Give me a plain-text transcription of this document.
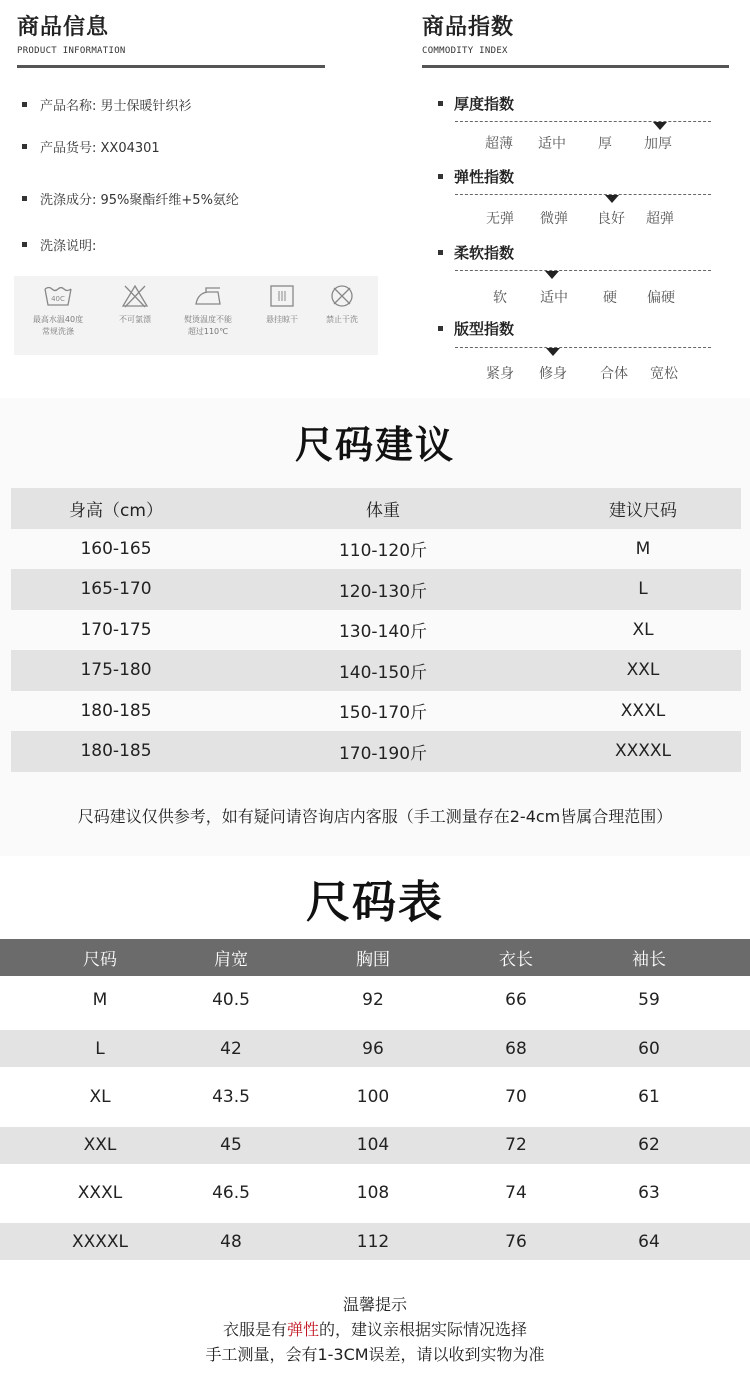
商品信息
PRODUCT INFORMATION
产品名称: 男士保暖针织衫
产品货号: XX04301
洗涤成分: 95%聚酯纤维+5%氨纶
洗涤说明:
40C
最高水温40度
常规洗涤
不可氯漂	熨烫温度不能
超过110℃
悬挂晾干	禁止干洗
商品指数
COMMODITY INDEX
厚度指数
超薄 适中 厚 加厚
弹性指数
无弹 微弹 良好 超弹
柔软指数
软 适中	硬 偏硬
版型指数
紧身 修身 合体 宽松
尺码建议
身高（cm）	体重	建议尺码
160-165	110-120斤	M
165-170	120-130斤	L
170-175	130-140斤	XL
175-180	140-150斤	XXL
180-185	150-170斤	XXXL
180-185	170-190斤	XXXXL
尺码建议仅供参考，如有疑问请咨询店内客服（手工测量存在2-4cm皆属合理范围）
尺码表
尺码	肩宽	胸围	衣长	袖长
M	40.5	92	66	59
L	42	96	68	60
XL	43.5	100	70	61
XXL	45	104	72	62
XXXL	46.5	108	74	63
XXXXL	48	112	76	64
温馨提示
衣服是有弹性的，建议亲根据实际情况选择
手工测量，会有1-3CM误差，请以收到实物为准
